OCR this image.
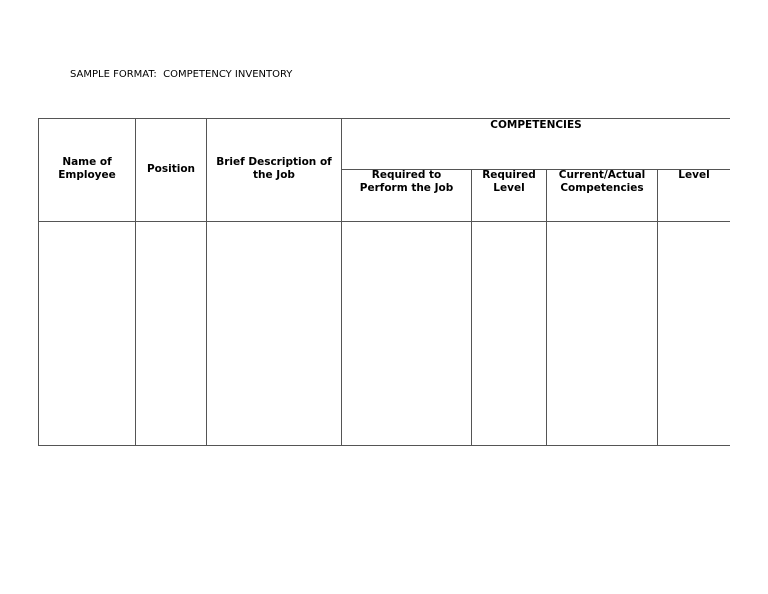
SAMPLE FORMAT:  COMPETENCY INVENTORY
Name of
Employee	Position
Brief Description of
the Job
COMPETENCIES
Required to
Perform the Job
Required
Level
Current/Actual
Competencies
Level
